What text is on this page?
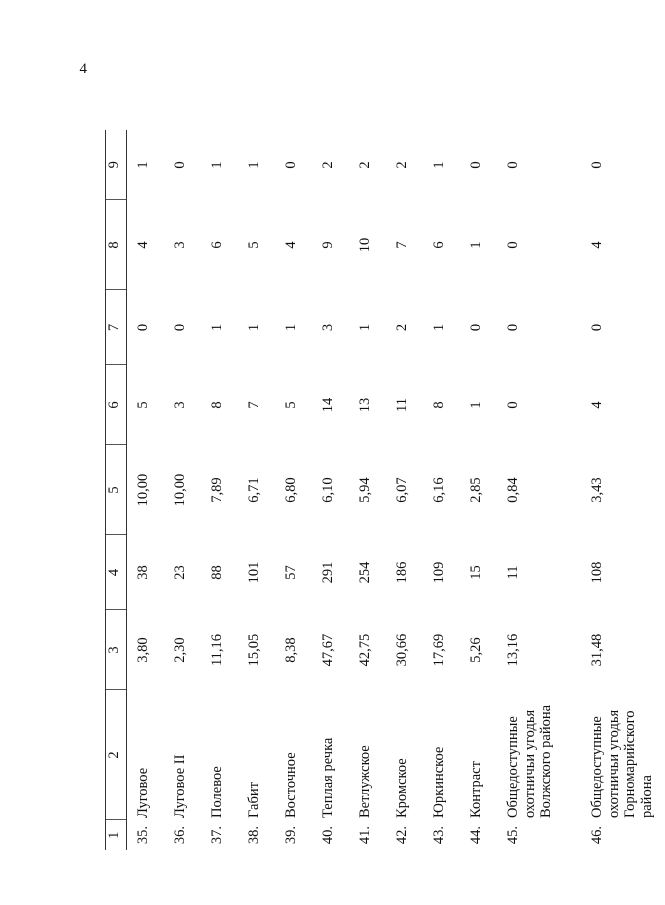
4
1	2	3	4	5	6	7	8	9
35.	Луговое	3,80	38	10,00	5	0	4	1
36.	Луговое II	2,30	23	10,00	3	0	3	0
37.	Полевое	11,16	88	7,89	8	1	6	1
38.	Габит	15,05	101	6,71	7	1	5	1
39.	Восточное	8,38	57	6,80	5	1	4	0
40.	Теплая речка	47,67	291	6,10	14	3	9	2
41.	Ветлужское	42,75	254	5,94	13	1	10	2
42.	Кромское	30,66	186	6,07	11	2	7	2
43.	Юркинское	17,69	109	6,16	8	1	6	1
44.	Контраст	5,26	15	2,85	1	0	1	0
45.	Общедоступные охотничьи угодья Волжского района	13,16	11	0,84	0	0	0	0
46.	Общедоступные охотничьи угодья Горномарийского района	31,48	108	3,43	4	0	4	0
